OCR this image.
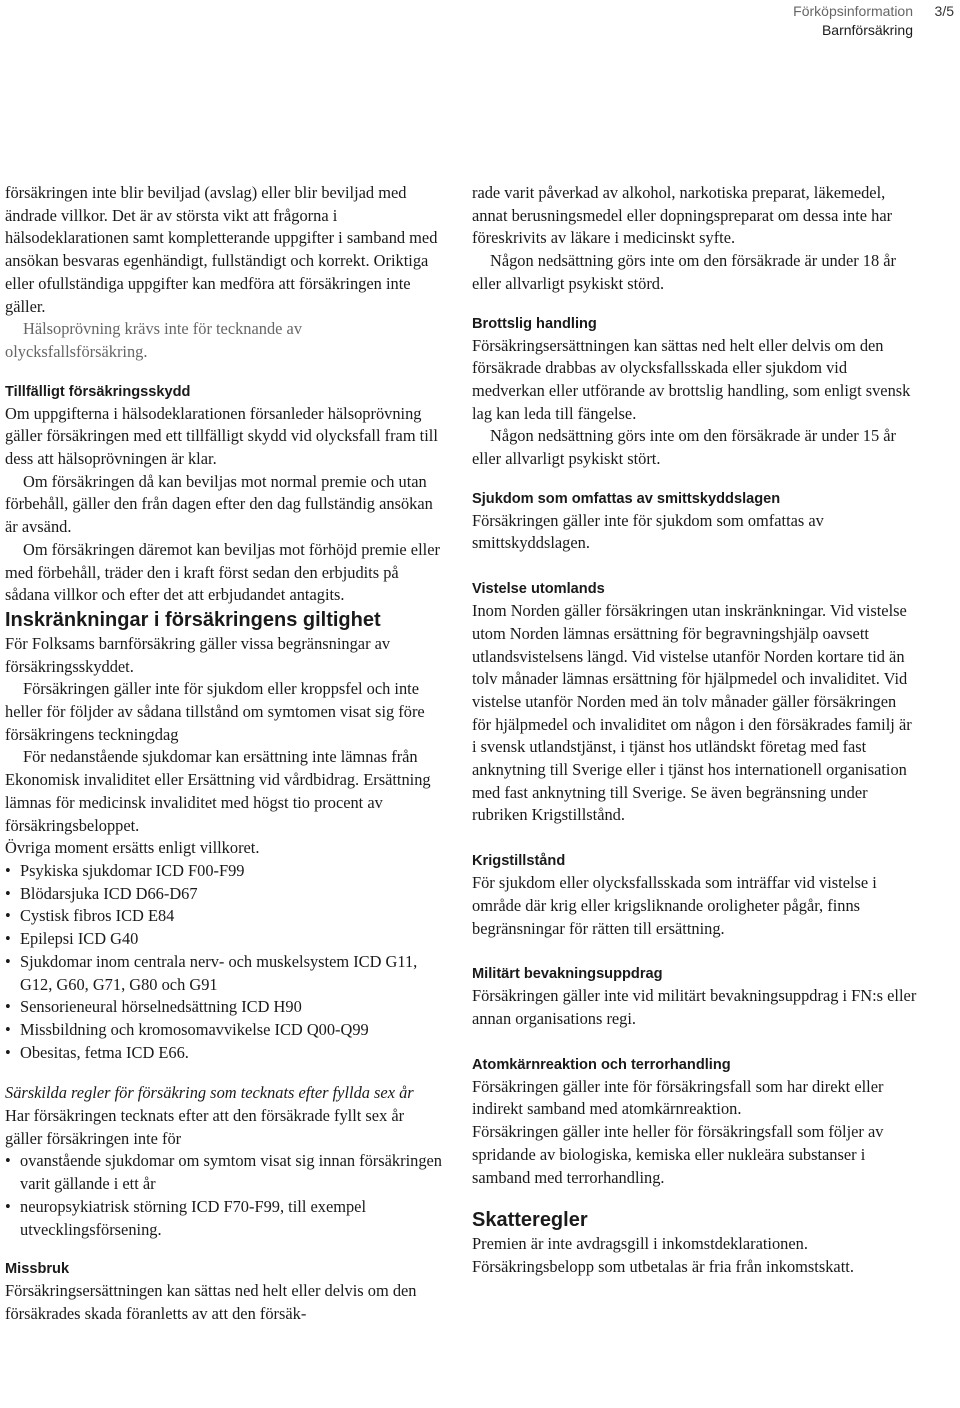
Förköpsinformation
Barnförsäkring
3/5

försäkringen inte blir beviljad (avslag) eller blir beviljad med ändrade villkor. Det är av största vikt att frågorna i hälsodeklarationen samt kompletterande uppgifter i samband med ansökan besvaras egenhändigt, fullständigt och korrekt. Oriktiga eller ofullständiga uppgifter kan medföra att försäkringen inte gäller.

Hälsoprövning krävs inte för tecknande av olycksfallsförsäkring.

Tillfälligt försäkringsskydd

Om uppgifterna i hälsodeklarationen försanleder hälsoprövning gäller försäkringen med ett tillfälligt skydd vid olycksfall fram till dess att hälsoprövningen är klar.

Om försäkringen då kan beviljas mot normal premie och utan förbehåll, gäller den från dagen efter den dag fullständig ansökan är avsänd.

Om försäkringen däremot kan beviljas mot förhöjd premie eller med förbehåll, träder den i kraft först sedan den erbjudits på sådana villkor och efter det att erbjudandet antagits.

Inskränkningar i försäkringens giltighet

För Folksams barnförsäkring gäller vissa begränsningar av försäkringsskyddet.

Försäkringen gäller inte för sjukdom eller kroppsfel och inte heller för följder av sådana tillstånd om symtomen visat sig före försäkringens teckningdag

För nedanstående sjukdomar kan ersättning inte lämnas från Ekonomisk invaliditet eller Ersättning vid vårdbidrag. Ersättning lämnas för medicinsk invaliditet med högst tio procent av försäkringsbeloppet.

Övriga moment ersätts enligt villkoret.

• Psykiska sjukdomar ICD F00-F99
• Blödarsjuka ICD D66-D67
• Cystisk fibros ICD E84
• Epilepsi ICD G40
• Sjukdomar inom centrala nerv- och muskelsystem ICD G11, G12, G60, G71, G80 och G91
• Sensorieneural hörselnedsättning ICD H90
• Missbildning och kromosomavvikelse ICD Q00-Q99
• Obesitas, fetma ICD E66.

Särskilda regler för försäkring som tecknats efter fyllda sex år

Har försäkringen tecknats efter att den försäkrade fyllt sex år gäller försäkringen inte för

• ovanstående sjukdomar om symtom visat sig innan försäkringen varit gällande i ett år
• neuropsykiatrisk störning ICD F70-F99, till exempel utvecklingsförsening.

Missbruk

Försäkringsersättningen kan sättas ned helt eller delvis om den försäkrades skada föranletts av att den försäk-

rade varit påverkad av alkohol, narkotiska preparat, läkemedel, annat berusningsmedel eller dopningspreparat om dessa inte har föreskrivits av läkare i medicinskt syfte.

Någon nedsättning görs inte om den försäkrade är under 18 år eller allvarligt psykiskt störd.

Brottslig handling

Försäkringsersättningen kan sättas ned helt eller delvis om den försäkrade drabbas av olycksfallsskada eller sjukdom vid medverkan eller utförande av brottslig handling, som enligt svensk lag kan leda till fängelse.

Någon nedsättning görs inte om den försäkrade är under 15 år eller allvarligt psykiskt stört.

Sjukdom som omfattas av smittskyddslagen

Försäkringen gäller inte för sjukdom som omfattas av smittskyddslagen.

Vistelse utomlands

Inom Norden gäller försäkringen utan inskränkningar. Vid vistelse utom Norden lämnas ersättning för begravningshjälp oavsett utlandsvistelsens längd. Vid vistelse utanför Norden kortare tid än tolv månader lämnas ersättning för hjälpmedel och invaliditet. Vid vistelse utanför Norden med än tolv månader gäller försäkringen för hjälpmedel och invaliditet om någon i den försäkrades familj är i svensk utlandstjänst, i tjänst hos utländskt företag med fast anknytning till Sverige eller i tjänst hos internationell organisation med fast anknytning till Sverige. Se även begränsning under rubriken Krigstillstånd.

Krigstillstånd

För sjukdom eller olycksfallsskada som inträffar vid vistelse i område där krig eller krigsliknande oroligheter pågår, finns begränsningar för rätten till ersättning.

Militärt bevakningsuppdrag

Försäkringen gäller inte vid militärt bevakningsuppdrag i FN:s eller annan organisations regi.

Atomkärnreaktion och terrorhandling

Försäkringen gäller inte för försäkringsfall som har direkt eller indirekt samband med atomkärnreaktion.

Försäkringen gäller inte heller för försäkringsfall som följer av spridande av biologiska, kemiska eller nukleära substanser i samband med terrorhandling.

Skatteregler

Premien är inte avdragsgill i inkomstdeklarationen.

Försäkringsbelopp som utbetalas är fria från inkomstskatt.
